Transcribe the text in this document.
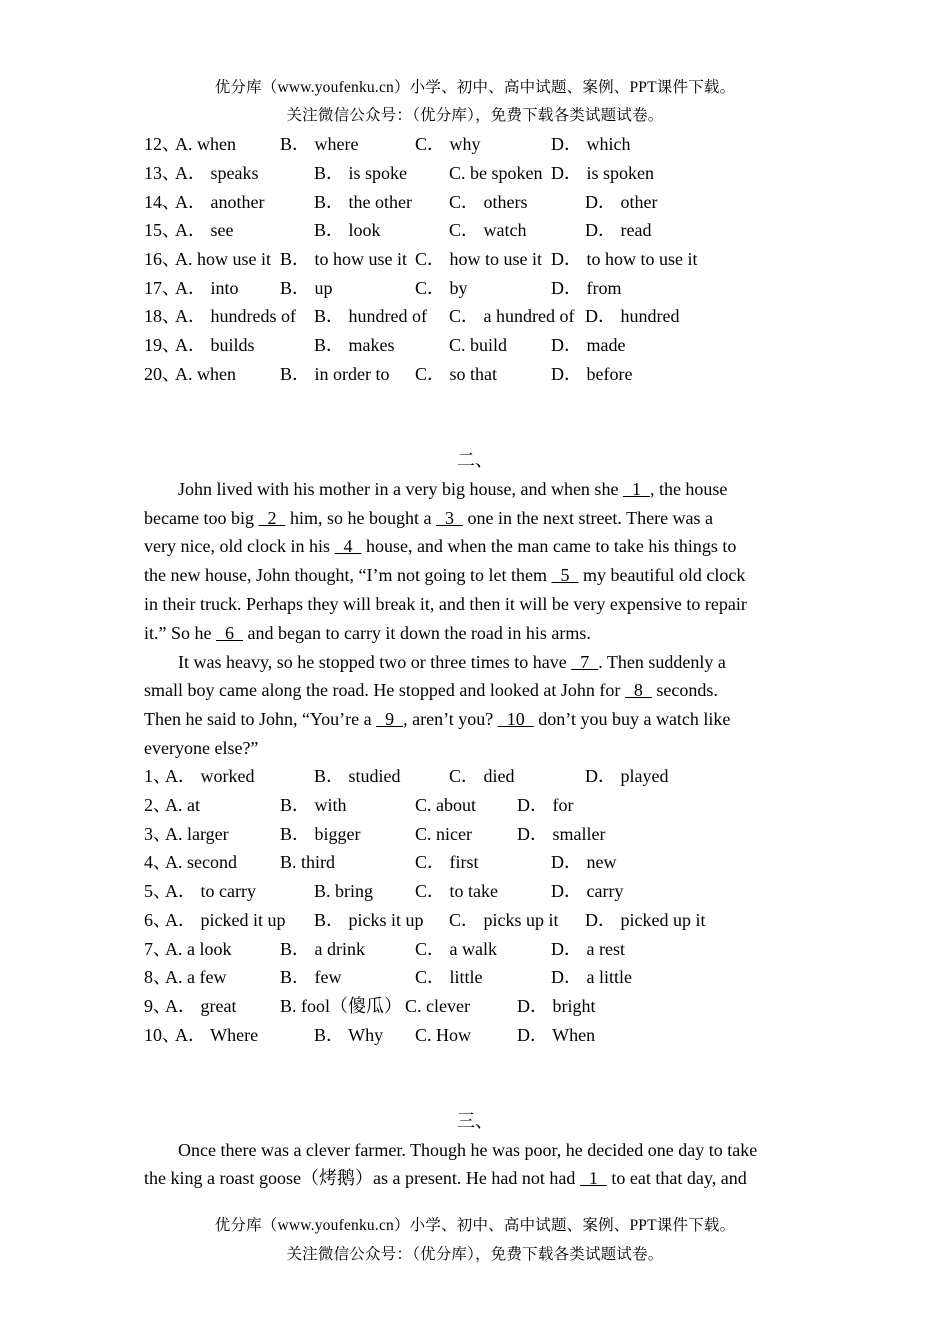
优分库（www.youfenku.cn）小学、初中、高中试题、案例、PPT课件下载。
关注微信公众号：（优分库），免费下载各类试题试卷。
12、
A. when B． where	C． why	D． which
13、
A． speaks	B． is spoke C. be spoken D． is spoken
14、
A． another	B． the other C． others	D． other
15、
A． see	B． look	C． watch	D． read
16、
A. how use it B． to how use it C． how to use it D． to how to use it
17、
A． into B． up	C． by	D． from
18、
A． hundreds of B． hundred of C． a hundred of D． hundred
19、
A． builds	B． makes	C. build D． made
20、
A. when B． in order to C． so that	D． before
二、
John lived with his mother in a very big house, and when she   1  , the house
became too big   2   him, so he bought a   3   one in the next street. There was a
very nice, old clock in his   4   house, and when the man came to take his things to
the new house, John thought, “I’m not going to let them   5   my beautiful old clock
in their truck. Perhaps they will break it, and then it will be very expensive to repair
it.” So he   6   and began to carry it down the road in his arms.
It was heavy, so he stopped two or three times to have   7  . Then suddenly a
small boy came along the road. He stopped and looked at John for   8   seconds.
Then he said to John, “You’re a   9  , aren’t you?   10   don’t you buy a watch like
everyone else?”
1、
A． worked	B． studied	C． died	D． played
2、
A. at	B． with	C. about D． for
3、
A. larger	B． bigger	C. nicer	D． smaller
4、
A. second B. third	C． first	D． new
5、
A． to carry	B. bring C． to take	D． carry
6、
A． picked it up B． picks it up C． picks up it D． picked up it
7、
A. a look	B． a drink	C． a walk	D． a rest
8、
A. a few	B． few	C． little	D． a little
9、
A． great B. fool（傻瓜） C. clever	D． bright
10、
A． Where	B． Why C. How	D． When
三、
Once there was a clever farmer. Though he was poor, he decided one day to take
the king a roast goose（烤鹅）as a present. He had not had   1   to eat that day, and
优分库（www.youfenku.cn）小学、初中、高中试题、案例、PPT课件下载。
关注微信公众号：（优分库），免费下载各类试题试卷。
